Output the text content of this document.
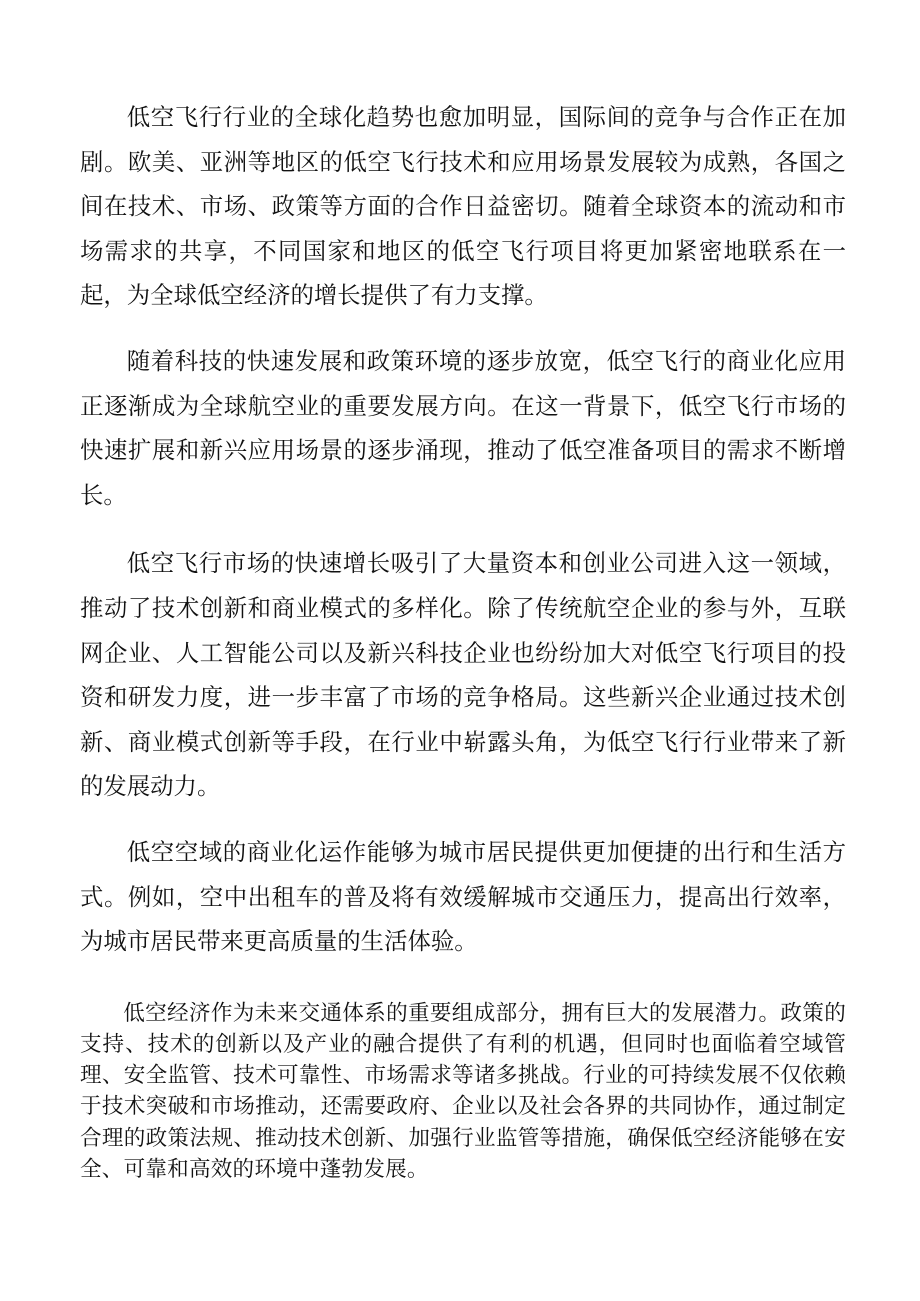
低空飞行行业的全球化趋势也愈加明显，国际间的竞争与合作正在加剧。欧美、亚洲等地区的低空飞行技术和应用场景发展较为成熟，各国之间在技术、市场、政策等方面的合作日益密切。随着全球资本的流动和市场需求的共享，不同国家和地区的低空飞行项目将更加紧密地联系在一起，为全球低空经济的增长提供了有力支撑。

随着科技的快速发展和政策环境的逐步放宽，低空飞行的商业化应用正逐渐成为全球航空业的重要发展方向。在这一背景下，低空飞行市场的快速扩展和新兴应用场景的逐步涌现，推动了低空准备项目的需求不断增长。

低空飞行市场的快速增长吸引了大量资本和创业公司进入这一领域，推动了技术创新和商业模式的多样化。除了传统航空企业的参与外，互联网企业、人工智能公司以及新兴科技企业也纷纷加大对低空飞行项目的投资和研发力度，进一步丰富了市场的竞争格局。这些新兴企业通过技术创新、商业模式创新等手段，在行业中崭露头角，为低空飞行行业带来了新的发展动力。

低空空域的商业化运作能够为城市居民提供更加便捷的出行和生活方式。例如，空中出租车的普及将有效缓解城市交通压力，提高出行效率，为城市居民带来更高质量的生活体验。

低空经济作为未来交通体系的重要组成部分，拥有巨大的发展潜力。政策的支持、技术的创新以及产业的融合提供了有利的机遇，但同时也面临着空域管理、安全监管、技术可靠性、市场需求等诸多挑战。行业的可持续发展不仅依赖于技术突破和市场推动，还需要政府、企业以及社会各界的共同协作，通过制定合理的政策法规、推动技术创新、加强行业监管等措施，确保低空经济能够在安全、可靠和高效的环境中蓬勃发展。
